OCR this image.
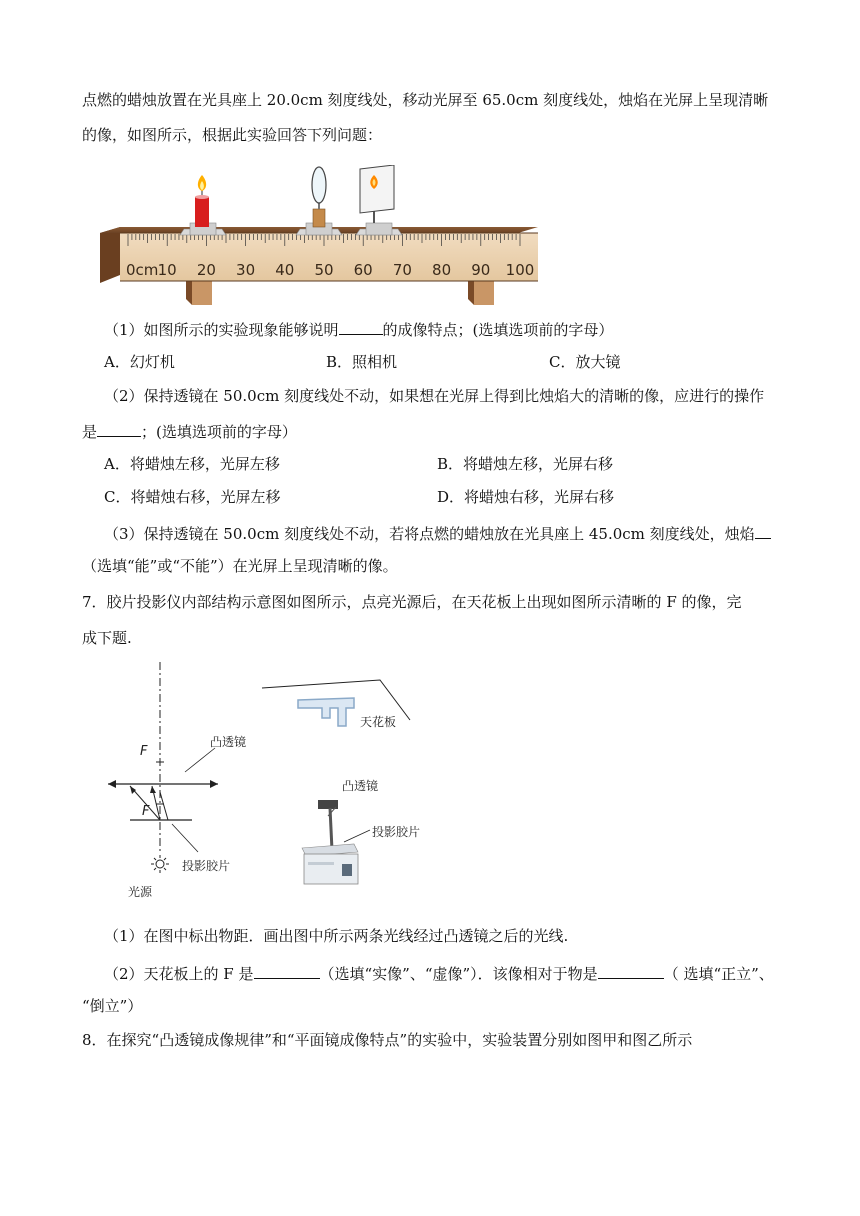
点燃的蜡烛放置在光具座上 20.0cm 刻度线处，移动光屏至 65.0cm 刻度线处，烛焰在光屏上呈现清晰
的像，如图所示，根据此实验回答下列问题：
0cm 10 20 30 40 50 60 70 80 90 100
（1）如图所示的实验现象能够说明	的成像特点；(选填选项前的字母）
A．幻灯机	B．照相机	C．放大镜
（2）保持透镜在 50.0cm 刻度线处不动，如果想在光屏上得到比烛焰大的清晰的像，应进行的操作
是	；(选填选项前的字母）
A．将蜡烛左移，光屏左移	B．将蜡烛左移，光屏右移
C．将蜡烛右移，光屏左移	D．将蜡烛右移，光屏右移
（3）保持透镜在 50.0cm 刻度线处不动，若将点燃的蜡烛放在光具座上 45.0cm 刻度线处，烛焰
（选填“能”或“不能”）在光屏上呈现清晰的像。
7．胶片投影仪内部结构示意图如图所示，点亮光源后，在天花板上出现如图所示清晰的 F 的像，完
成下题.
F
F
凸透镜
投影胶片
光源
天花板
凸透镜
投影胶片
（1）在图中标出物距．画出图中所示两条光线经过凸透镜之后的光线.
（2）天花板上的 F 是	（选填“实像”、“虚像”）．该像相对于物是	（ 选填“正立”、
“倒立”）
8．在探究“凸透镜成像规律”和“平面镜成像特点”的实验中，实验装置分别如图甲和图乙所示
